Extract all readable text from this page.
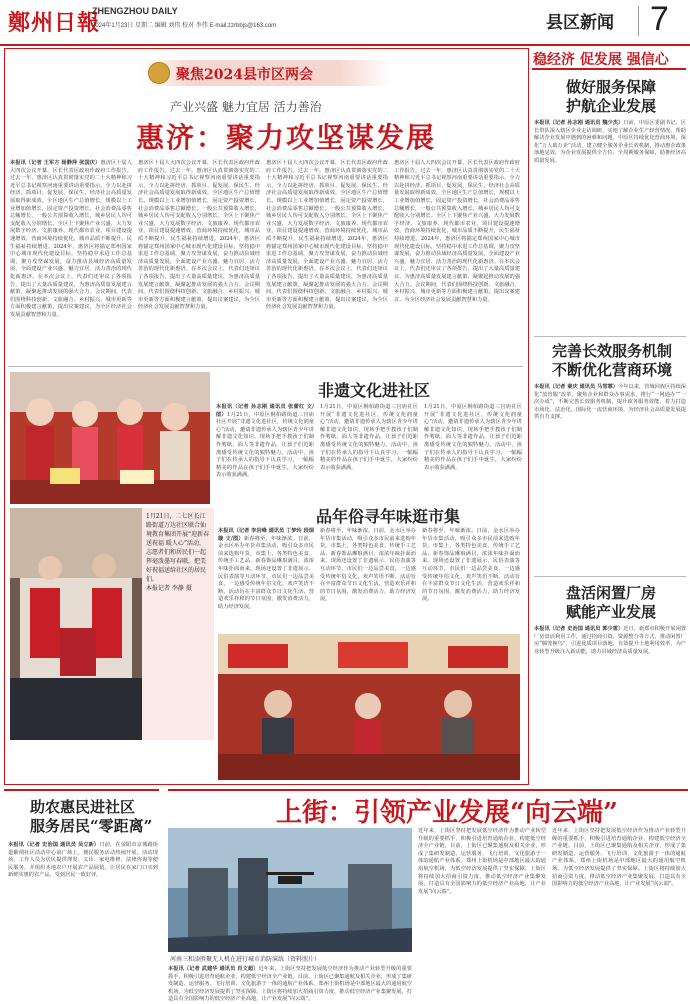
鄭州日報
ZHENGZHOU DAILY
2024年1月23日 星期二 编辑 刘伟 校对 李伟 E-mail:zzrbbjs@163.com	县区新闻 7
聚焦2024县市区两会
产业兴盛 魅力宜居 活力善治
惠济：聚力攻坚谋发展
本报讯（记者 王军方 杨静萍 张国庆）惠济区十届人大四次会议开幕，区长代表区政府作政府工作报告。过去一年，惠济区认真贯彻落实党的二十大精神和习近平总书记视察河南重要讲话重要指示，全力以赴拼经济、抓项目、促发展、保民生，经济社会高质量发展取得新成效。全区地区生产总值增长，规模以上工业增加值增长，固定资产投资增长，社会消费品零售总额增长，一般公共预算收入增长，城乡居民人均可支配收入分别增长。全区上下聚焦产业兴盛，大力发展数字经济、文旅康养、现代都市农业，项目建设提速增效，营商环境持续优化，城市品质不断提升，民生福祉持续增进。2024年，惠济区将锚定郑州国家中心城市现代化建设目标，坚持稳中求进工作总基调，聚力攻坚谋发展，奋力推动县域经济高质量发展，全面建设产业兴盛、魅力宜居、活力善治的现代化新惠济。在本次会议上，代表们还审议了各项报告，提出了大量高质量建议，为惠济高质量发展建言献策，凝聚起推动发展的强大合力。会议期间，代表们围绕科技创新、文旅融合、乡村振兴、城市更新等方面积极建言献策，提出议案建议，为全区经济社会发展贡献智慧和力量。
惠济区十届人大四次会议开幕，区长代表区政府作政府工作报告。过去一年，惠济区认真贯彻落实党的二十大精神和习近平总书记视察河南重要讲话重要指示，全力以赴拼经济、抓项目、促发展、保民生，经济社会高质量发展取得新成效。全区地区生产总值增长，规模以上工业增加值增长，固定资产投资增长，社会消费品零售总额增长，一般公共预算收入增长，城乡居民人均可支配收入分别增长。全区上下聚焦产业兴盛，大力发展数字经济、文旅康养、现代都市农业，项目建设提速增效，营商环境持续优化，城市品质不断提升，民生福祉持续增进。2024年，惠济区将锚定郑州国家中心城市现代化建设目标，坚持稳中求进工作总基调，聚力攻坚谋发展，奋力推动县域经济高质量发展，全面建设产业兴盛、魅力宜居、活力善治的现代化新惠济。在本次会议上，代表们还审议了各项报告，提出了大量高质量建议，为惠济高质量发展建言献策，凝聚起推动发展的强大合力。会议期间，代表们围绕科技创新、文旅融合、乡村振兴、城市更新等方面积极建言献策，提出议案建议，为全区经济社会发展贡献智慧和力量。
惠济区十届人大四次会议开幕，区长代表区政府作政府工作报告。过去一年，惠济区认真贯彻落实党的二十大精神和习近平总书记视察河南重要讲话重要指示，全力以赴拼经济、抓项目、促发展、保民生，经济社会高质量发展取得新成效。全区地区生产总值增长，规模以上工业增加值增长，固定资产投资增长，社会消费品零售总额增长，一般公共预算收入增长，城乡居民人均可支配收入分别增长。全区上下聚焦产业兴盛，大力发展数字经济、文旅康养、现代都市农业，项目建设提速增效，营商环境持续优化，城市品质不断提升，民生福祉持续增进。2024年，惠济区将锚定郑州国家中心城市现代化建设目标，坚持稳中求进工作总基调，聚力攻坚谋发展，奋力推动县域经济高质量发展，全面建设产业兴盛、魅力宜居、活力善治的现代化新惠济。在本次会议上，代表们还审议了各项报告，提出了大量高质量建议，为惠济高质量发展建言献策，凝聚起推动发展的强大合力。会议期间，代表们围绕科技创新、文旅融合、乡村振兴、城市更新等方面积极建言献策，提出议案建议，为全区经济社会发展贡献智慧和力量。
惠济区十届人大四次会议开幕，区长代表区政府作政府工作报告。过去一年，惠济区认真贯彻落实党的二十大精神和习近平总书记视察河南重要讲话重要指示，全力以赴拼经济、抓项目、促发展、保民生，经济社会高质量发展取得新成效。全区地区生产总值增长，规模以上工业增加值增长，固定资产投资增长，社会消费品零售总额增长，一般公共预算收入增长，城乡居民人均可支配收入分别增长。全区上下聚焦产业兴盛，大力发展数字经济、文旅康养、现代都市农业，项目建设提速增效，营商环境持续优化，城市品质不断提升，民生福祉持续增进。2024年，惠济区将锚定郑州国家中心城市现代化建设目标，坚持稳中求进工作总基调，聚力攻坚谋发展，奋力推动县域经济高质量发展，全面建设产业兴盛、魅力宜居、活力善治的现代化新惠济。在本次会议上，代表们还审议了各项报告，提出了大量高质量建议，为惠济高质量发展建言献策，凝聚起推动发展的强大合力。会议期间，代表们围绕科技创新、文旅融合、乡村振兴、城市更新等方面积极建言献策，提出议案建议，为全区经济社会发展贡献智慧和力量。
非遗文化进社区
本报讯（记者 孙志刚 通讯员 张蕾红 文/图）1月21日，中原区桐柏路街道三官庙社区开展“非遗文化进社区，传统文化润童心”活动，邀请非遗传承人为辖区青少年讲解非遗文化知识，现场手把手教孩子们制作剪纸、面人等非遗作品，让孩子们近距离感受传统文化的独特魅力。活动中，孩子们在传承人的指导下认真学习，一幅幅精美的作品在孩子们手中诞生，大家纷纷表示收获满满。
1月21日，中原区桐柏路街道三官庙社区开展“非遗文化进社区，传统文化润童心”活动，邀请非遗传承人为辖区青少年讲解非遗文化知识，现场手把手教孩子们制作剪纸、面人等非遗作品，让孩子们近距离感受传统文化的独特魅力。活动中，孩子们在传承人的指导下认真学习，一幅幅精美的作品在孩子们手中诞生，大家纷纷表示收获满满。
1月21日，中原区桐柏路街道三官庙社区开展“非遗文化进社区，传统文化润童心”活动，邀请非遗传承人为辖区青少年讲解非遗文化知识，现场手把手教孩子们制作剪纸、面人等非遗作品，让孩子们近距离感受传统文化的独特魅力。活动中，孩子们在传承人的指导下认真学习，一幅幅精美的作品在孩子们手中诞生，大家纷纷表示收获满满。
1月21日，二七区长江路街道万达社区联合仙境教育集团开展“迎新春 送祝福 暖人心”活动，志愿者们和居民们一起挥毫泼墨写春联，把美好祝福送给社区的居民们。
本报记者 李静 摄
品年俗寻年味逛市集
本报讯（记者 李岩峰 通讯员 丁梦玲 段瑞璇 文/图）新春将至，年味渐浓。日前，金水区举办年货市集活动，吸引众多市民前来选购年货。市集上，各类特色美食、传统手工艺品、新春饰品琳琅满目，浓浓年味扑面而来。现场还设置了非遗展示、民俗表演等互动环节，市民们一边品尝美食，一边感受传统年俗文化，欢声笑语不断。活动旨在丰富群众节日文化生活，营造欢乐祥和的节日氛围，激发消费活力，助力经济发展。
新春将至，年味渐浓。日前，金水区举办年货市集活动，吸引众多市民前来选购年货。市集上，各类特色美食、传统手工艺品、新春饰品琳琅满目，浓浓年味扑面而来。现场还设置了非遗展示、民俗表演等互动环节，市民们一边品尝美食，一边感受传统年俗文化，欢声笑语不断。活动旨在丰富群众节日文化生活，营造欢乐祥和的节日氛围，激发消费活力，助力经济发展。
新春将至，年味渐浓。日前，金水区举办年货市集活动，吸引众多市民前来选购年货。市集上，各类特色美食、传统手工艺品、新春饰品琳琅满目，浓浓年味扑面而来。现场还设置了非遗展示、民俗表演等互动环节，市民们一边品尝美食，一边感受传统年俗文化，欢声笑语不断。活动旨在丰富群众节日文化生活，营造欢乐祥和的节日氛围，激发消费活力，助力经济发展。
助农惠民进社区
服务居民“零距离”
本报讯（记者 史治国 通讯员 吴立新）日前，在荥阳市京城路街道紫荆社区活动中心前广场上，便民服务活动热闹开展。活动现场，工作人员为居民提供理发、义诊、家电维修、法律咨询等便民服务，并组织本地农户开展农产品展销，让居民在家门口买到新鲜实惠的农产品，受到居民一致好评。
上街：引领产业发展“向云端”
河南三和添胜聚无人机在进行城市消防演练（资料照片）
本报讯（记者 武建华 通讯员 肖文超）近年来，上街区坚持把发展低空经济作为推动产业转型升级的重要抓手，积极引进培育通航企业，构建低空经济全产业链。目前，上街区已聚集通航及相关企业，形成了集研发制造、运营服务、飞行培训、文化旅游于一体的通航产业体系。郑州上街机场是中部地区最大的通用航空机场，为低空经济发展提供了坚实保障。上街区将持续加大招商引资力度，推动低空经济产业集聚发展，打造具有全国影响力的低空经济产业高地，让产业发展“向云端”。
近年来，上街区坚持把发展低空经济作为推动产业转型升级的重要抓手，积极引进培育通航企业，构建低空经济全产业链。目前，上街区已聚集通航及相关企业，形成了集研发制造、运营服务、飞行培训、文化旅游于一体的通航产业体系。郑州上街机场是中部地区最大的通用航空机场，为低空经济发展提供了坚实保障。上街区将持续加大招商引资力度，推动低空经济产业集聚发展，打造具有全国影响力的低空经济产业高地，让产业发展“向云端”。
近年来，上街区坚持把发展低空经济作为推动产业转型升级的重要抓手，积极引进培育通航企业，构建低空经济全产业链。目前，上街区已聚集通航及相关企业，形成了集研发制造、运营服务、飞行培训、文化旅游于一体的通航产业体系。郑州上街机场是中部地区最大的通用航空机场，为低空经济发展提供了坚实保障。上街区将持续加大招商引资力度，推动低空经济产业集聚发展，打造具有全国影响力的低空经济产业高地，让产业发展“向云端”。
稳经济 促发展 强信心
做好服务保障
护航企业发展
本报讯（记者 孙志刚 通讯员 魏少杰）日前，中原区委副书记、区长带队深入辖区企业走访调研，实地了解企业生产经营情况，帮助解决企业发展中遇到的困难和问题。中原区持续优化营商环境，深化“万人助万企”活动，建立健全服务企业长效机制，推动惠企政策落地见效，为企业发展提供全方位、全周期服务保障，助推经济高质量发展。
完善长效服务机制
不断优化营商环境
本报讯（记者 秦庆 通讯员 马雪霏）今年以来，管城回族区持续深化“放管服”改革，聚焦企业和群众办事需求，推行“一网通办”“一次办成”，不断完善长效服务机制，提升政务服务效能，着力打造市场化、法治化、国际化一流营商环境，为经济社会高质量发展提供有力支撑。
盘活闲置厂房
赋能产业发展
本报讯（记者 史治国 通讯员 郭少雷）近日，新郑市积极开展闲置厂房盘活利用工作，通过招商引资、资源整合等方式，推动闲置厂房“腾笼换鸟”，引进优质项目落地，有效提升土地利用效率，为产业转型升级注入新动能，助力县域经济高质量发展。
